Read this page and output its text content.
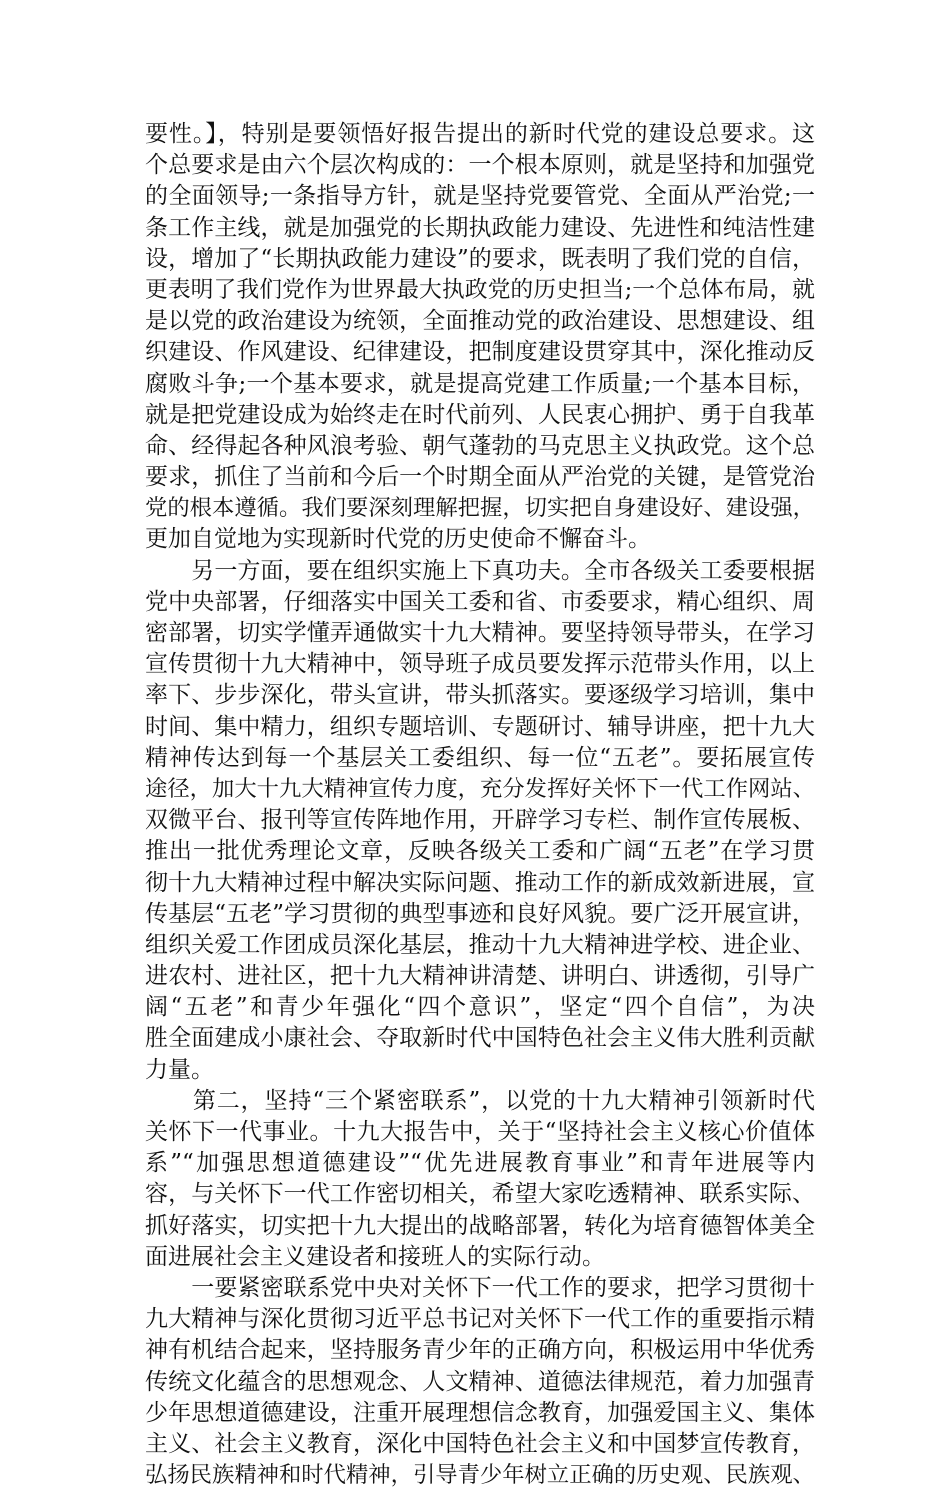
要性。】，特别是要领悟好报告提出的新时代党的建设总要求。这
个总要求是由六个层次构成的：一个根本原则，就是坚持和加强党
的全面领导;一条指导方针，就是坚持党要管党、全面从严治党;一
条工作主线，就是加强党的长期执政能力建设、先进性和纯洁性建
设，增加了“长期执政能力建设”的要求，既表明了我们党的自信，
更表明了我们党作为世界最大执政党的历史担当;一个总体布局，就
是以党的政治建设为统领，全面推动党的政治建设、思想建设、组
织建设、作风建设、纪律建设，把制度建设贯穿其中，深化推动反
腐败斗争;一个基本要求，就是提高党建工作质量;一个基本目标，
就是把党建设成为始终走在时代前列、人民衷心拥护、勇于自我革
命、经得起各种风浪考验、朝气蓬勃的马克思主义执政党。这个总
要求，抓住了当前和今后一个时期全面从严治党的关键，是管党治
党的根本遵循。我们要深刻理解把握，切实把自身建设好、建设强，
更加自觉地为实现新时代党的历史使命不懈奋斗。
　　另一方面，要在组织实施上下真功夫。全市各级关工委要根据
党中央部署，仔细落实中国关工委和省、市委要求，精心组织、周
密部署，切实学懂弄通做实十九大精神。要坚持领导带头，在学习
宣传贯彻十九大精神中，领导班子成员要发挥示范带头作用，以上
率下、步步深化，带头宣讲，带头抓落实。要逐级学习培训，集中
时间、集中精力，组织专题培训、专题研讨、辅导讲座，把十九大
精神传达到每一个基层关工委组织、每一位“五老”。要拓展宣传
途径，加大十九大精神宣传力度，充分发挥好关怀下一代工作网站、
双微平台、报刊等宣传阵地作用，开辟学习专栏、制作宣传展板、
推出一批优秀理论文章，反映各级关工委和广阔“五老”在学习贯
彻十九大精神过程中解决实际问题、推动工作的新成效新进展，宣
传基层“五老”学习贯彻的典型事迹和良好风貌。要广泛开展宣讲，
组织关爱工作团成员深化基层，推动十九大精神进学校、进企业、
进农村、进社区，把十九大精神讲清楚、讲明白、讲透彻，引导广
阔“五老”和青少年强化“四个意识”，坚定“四个自信”，为决
胜全面建成小康社会、夺取新时代中国特色社会主义伟大胜利贡献
力量。
　　第二，坚持“三个紧密联系”，以党的十九大精神引领新时代
关怀下一代事业。十九大报告中，关于“坚持社会主义核心价值体
系”“加强思想道德建设”“优先进展教育事业”和青年进展等内
容，与关怀下一代工作密切相关，希望大家吃透精神、联系实际、
抓好落实，切实把十九大提出的战略部署，转化为培育德智体美全
面进展社会主义建设者和接班人的实际行动。
　　一要紧密联系党中央对关怀下一代工作的要求，把学习贯彻十
九大精神与深化贯彻习近平总书记对关怀下一代工作的重要指示精
神有机结合起来，坚持服务青少年的正确方向，积极运用中华优秀
传统文化蕴含的思想观念、人文精神、道德法律规范，着力加强青
少年思想道德建设，注重开展理想信念教育，加强爱国主义、集体
主义、社会主义教育，深化中国特色社会主义和中国梦宣传教育，
弘扬民族精神和时代精神，引导青少年树立正确的历史观、民族观、
